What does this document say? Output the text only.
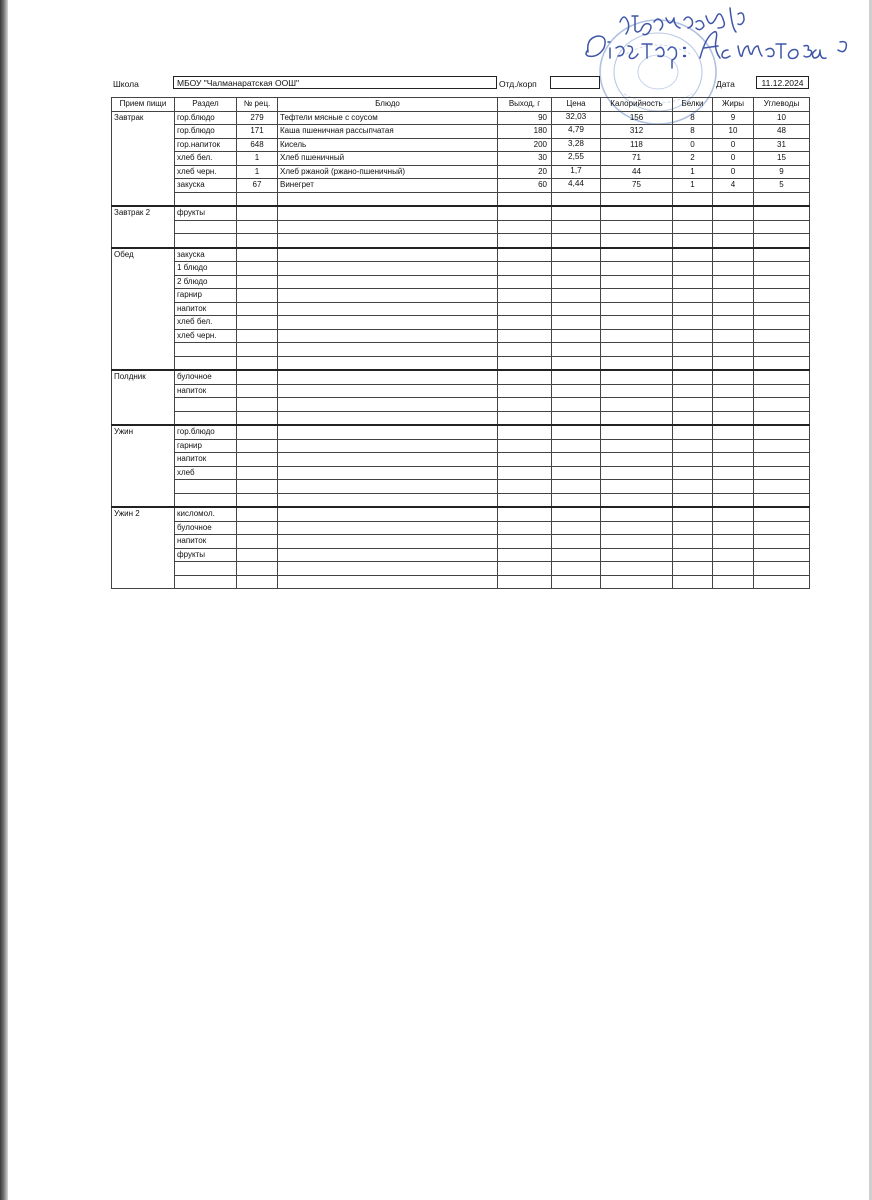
Школа	МБОУ "Чалманаратская ООШ"	Отд./корп	Дата	11.12.2024
Прием пищи	Раздел	№ рец.	Блюдо	Выход, г	Цена	Калорийность	Белки	Жиры	Углеводы
Завтрак	гор.блюдо	279	Тефтели мясные с соусом	90	32,03	156	8	9	10
	гор.блюдо	171	Каша пшеничная рассыпчатая	180	4,79	312	8	10	48
	гор.напиток	648	Кисель	200	3,28	118	0	0	31
	хлеб бел.	1	Хлеб пшеничный	30	2,55	71	2	0	15
	хлеб черн.	1	Хлеб ржаной (ржано-пшеничный)	20	1,7	44	1	0	9
	закуска	67	Винегрет	60	4,44	75	1	4	5

Завтрак 2	фрукты								

Обед	закуска								
	1 блюдо								
	2 блюдо								
	гарнир								
	напиток								
	хлеб бел.								
	хлеб черн.								

Полдник	булочное								
	напиток								

Ужин	гор.блюдо								
	гарнир								
	напиток								
	хлеб								

Ужин 2	кисломол.								
	булочное								
	напиток								
	фрукты								
